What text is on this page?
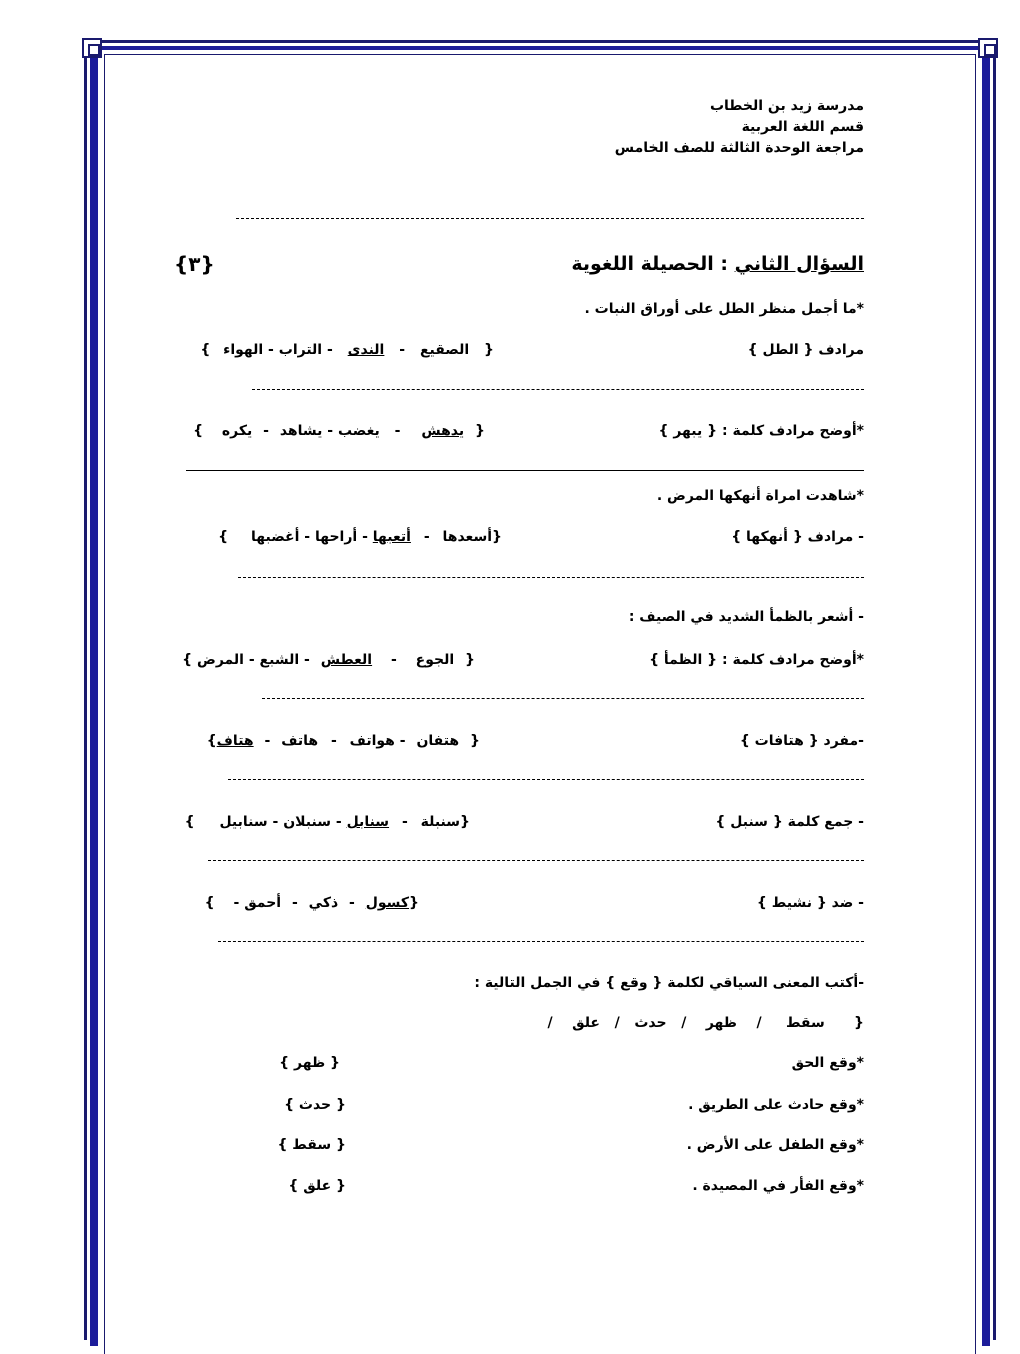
مدرسة زيد بن الخطاب
قسم اللغة العربية
مراجعة الوحدة الثالثة للصف الخامس
السؤال الثاني : الحصيلة اللغوية
{٣}
*ما أجمل منظر الطل على أوراق النبات .
مرادف { الطل }
{ الصقيع - الندى - التراب - الهواء }
*أوضح مرادف كلمة : { يبهر }
{ يدهش - يغضب - يشاهد - يكره }
*شاهدت امراة أنهكها المرض .
- مرادف { أنهكها }
{أسعدها - أتعبها - أراحها - أغضبها }
- أشعر بالظمأ الشديد في الصيف :
*أوضح مرادف كلمة : { الظمأ }
{ الجوع - العطش - الشبع - المرض }
-مفرد { هتافات }
{ هتفان - هواتف - هاتف - هتاف}
- جمع كلمة { سنبل }
{سنبلة - سنابل - سنبلان - سنابيل }
- ضد { نشيط }
{كسول - ذكي - أحمق - }
-أكتب المعنى السياقي لكلمة { وقع } في الجمل التالية :
{      سقط     /    ظهر    /   حدث   /   علق    /
*وقع الحق
{ ظهر }
*وقع حادث على الطريق .
{ حدث }
*وقع الطفل على الأرض .
{ سقط }
*وقع الفأر في المصيدة .
{ علق }
